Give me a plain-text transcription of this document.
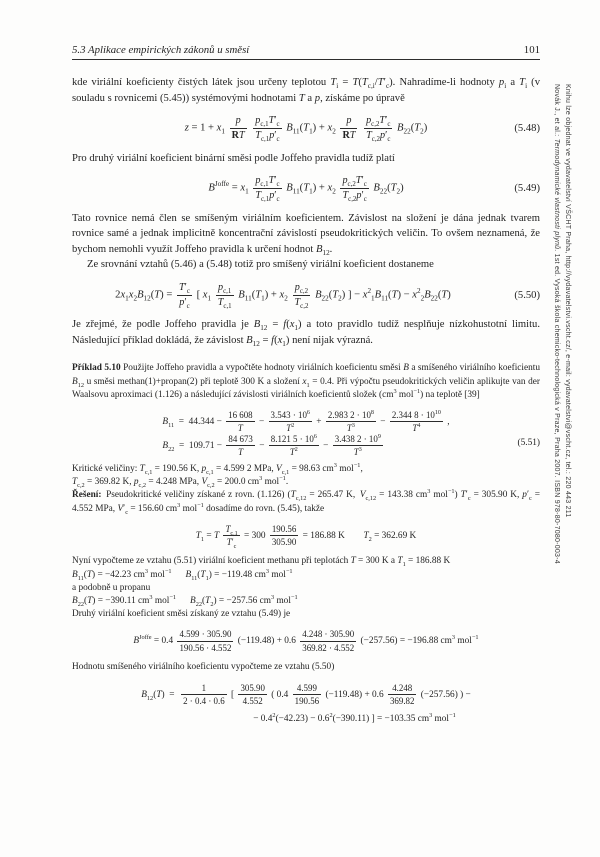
5.3 Aplikace empirických zákonů u směsí	101

kde viriální koeficienty čistých látek jsou určeny teplotou $T_i = T(T_{c,i}/T'_c)$. Nahradíme-li hodnoty $p_i$ a $T_i$ (v souladu s rovnicemi (5.45)) systémovými hodnotami T a p, získáme po úpravě

$z = 1 + x_1 \frac{p}{RT}$
$\frac{p_{c,1}T'_c}{T_{c,1}p'_c} B_{11}(T_1) + x_2 \frac{p}{RT}$
$\frac{p_{c,2}T'_c}{T_{c,2}p'_c} B_{22}(T_2)$	(5.48)

Pro druhý viriální koeficient binární směsi podle Joffeho pravidla tudíž platí

$B^{Joffe} = x_1 \frac{p_{c,1}T'_c}{T_{c,1}p'_c} B_{11}(T_1) + x_2 \frac{p_{c,2}T'_c}{T_{c,2}p'_c} B_{22}(T_2)$	(5.49)

Tato rovnice nemá člen se smíšeným viriálním koeficientem. Závislost na složení je dána jednak tvarem rovnice samé a jednak implicitně koncentrační závislostí pseudokritických veličin. To ovšem neznamená, že bychom nemohli využít Joffeho pravidla k určení hodnot $B_{12}$.

Ze srovnání vztahů (5.46) a (5.48) totiž pro smíšený viriální koeficient dostaneme

$2x_1x_2B_{12}(T) = \frac{T'_c}{p'_c}$ [ $x_1 \frac{p_{c,1}}{T_{c,1}} B_{11}(T_1) + x_2 \frac{p_{c,2}}{T_{c,2}} B_{22}(T_2)$ ] − $x^2_1B_{11}(T) - x^2_2B_{22}(T)$	(5.50)

Je zřejmé, že podle Joffeho pravidla je $B_{12} = f(x_1)$ a toto pravidlo tudíž nesplňuje nízkohustotní limitu. Následující příklad dokládá, že závislost $B_{12} = f(x_1)$ není nijak výrazná.

Příklad 5.10 Použijte Joffeho pravidla a vypočtěte hodnoty viriálních koeficientu směsi B a smíšeného viriálního koeficientu $B_{12}$ u směsi methan(1)+propan(2) při teplotě 300 K a složení $x_1 = 0.4$. Při výpočtu pseudokritických veličin aplikujte van der Waalsovu aproximaci (1.126) a následující závislosti viriálních koeficientů složek ($cm^3$ mol$^{-1}$) na teplotě [39]

$B_{11}$ = $44.344 - \frac{16 608}{T} - \frac{3.543 \cdot 10^6}{T^2} + \frac{2.983 2 \cdot 10^8}{T^3} - \frac{2.344 8 \cdot 10^{10}}{T^4}$ ,
$B_{22}$ = $109.71 - \frac{84 673}{T} - \frac{8.121 5 \cdot 10^6}{T^2} - \frac{3.438 2 \cdot 10^9}{T^3}$	(5.51)

Kritické veličiny: $T_{c,1} = 190.56$ K, $p_{c,1} = 4.599$ 2 MPa, $V_{c,1} = 98.63$ $cm^3$ mol$^{-1}$,

$T_{c,2} = 369.82$ K, $p_{c,2} = 4.248$ MPa, $V_{c,2} = 200.0$ $cm^3$ mol$^{-1}$.

Řešení: Pseudokritické veličiny získané z rovn. (1.126) ($T_{c,12} = 265.47$ K, $V_{c,12} = 143.38$ $cm^3$ mol$^{-1}$) $T'_c = 305.90$ K, $p'_c = 4.552$ MPa, $V'_c = 156.60$ $cm^3$ mol$^{-1}$ dosadíme do rovn. (5.45), takže

$T_1 = T \frac{T_{c,1}}{T'_c} = 300 \frac{190.56}{305.90} = 186.88$ K  $T_2 = 362.69$ K

Nyní vypočteme ze vztahu (5.51) viriální koeficient methanu při teplotách T = 300 K a $T_1 = 186.88$ K

$B_{11}(T) = -42.23$ $cm^3$ mol$^{-1}$   $B_{11}(T_1) = -119.48$ $cm^3$ mol$^{-1}$

a podobně u propanu

$B_{22}(T) = -390.11$ $cm^3$ mol$^{-1}$   $B_{22}(T_2) = -257.56$ $cm^3$ mol$^{-1}$

Druhý viriální koeficient směsi získaný ze vztahu (5.49) je

$B^{Joffe} = 0.4 \frac{4.599 \cdot 305.90}{190.56 \cdot 4.552} (-119.48) + 0.6 \frac{4.248 \cdot 305.90}{369.82 \cdot 4.552} (-257.56) = -196.88$ $cm^3$ mol$^{-1}$

Hodnotu smíšeného viriálního koeficientu vypočteme ze vztahu (5.50)

$B_{12}(T)$ =  $\frac{1}{2 \cdot 0.4 \cdot 0.6}$ [ $\frac{305.90}{4.552}$ ( $0.4 \frac{4.599}{190.56} (-119.48) + 0.6 \frac{4.248}{369.82} (-257.56)$ ) −
− $0.4^2(-42.23) - 0.6^2(-390.11)$ ] = −103.35 $cm^3$ mol$^{-1}$
Novák J., et al.: Termodynamické vlastnosti plynů. 1st ed. Vysoká škola chemicko-technologická v Praze, Praha 2007. ISBN 978-80-7080-003-4 Knihu lze objednat ve vydavatelství VŠCHT Praha, http://vydavatelstvi.vscht.cz/, e-mail: vydavatelstvi@vscht.cz, tel.: 220 443 211
